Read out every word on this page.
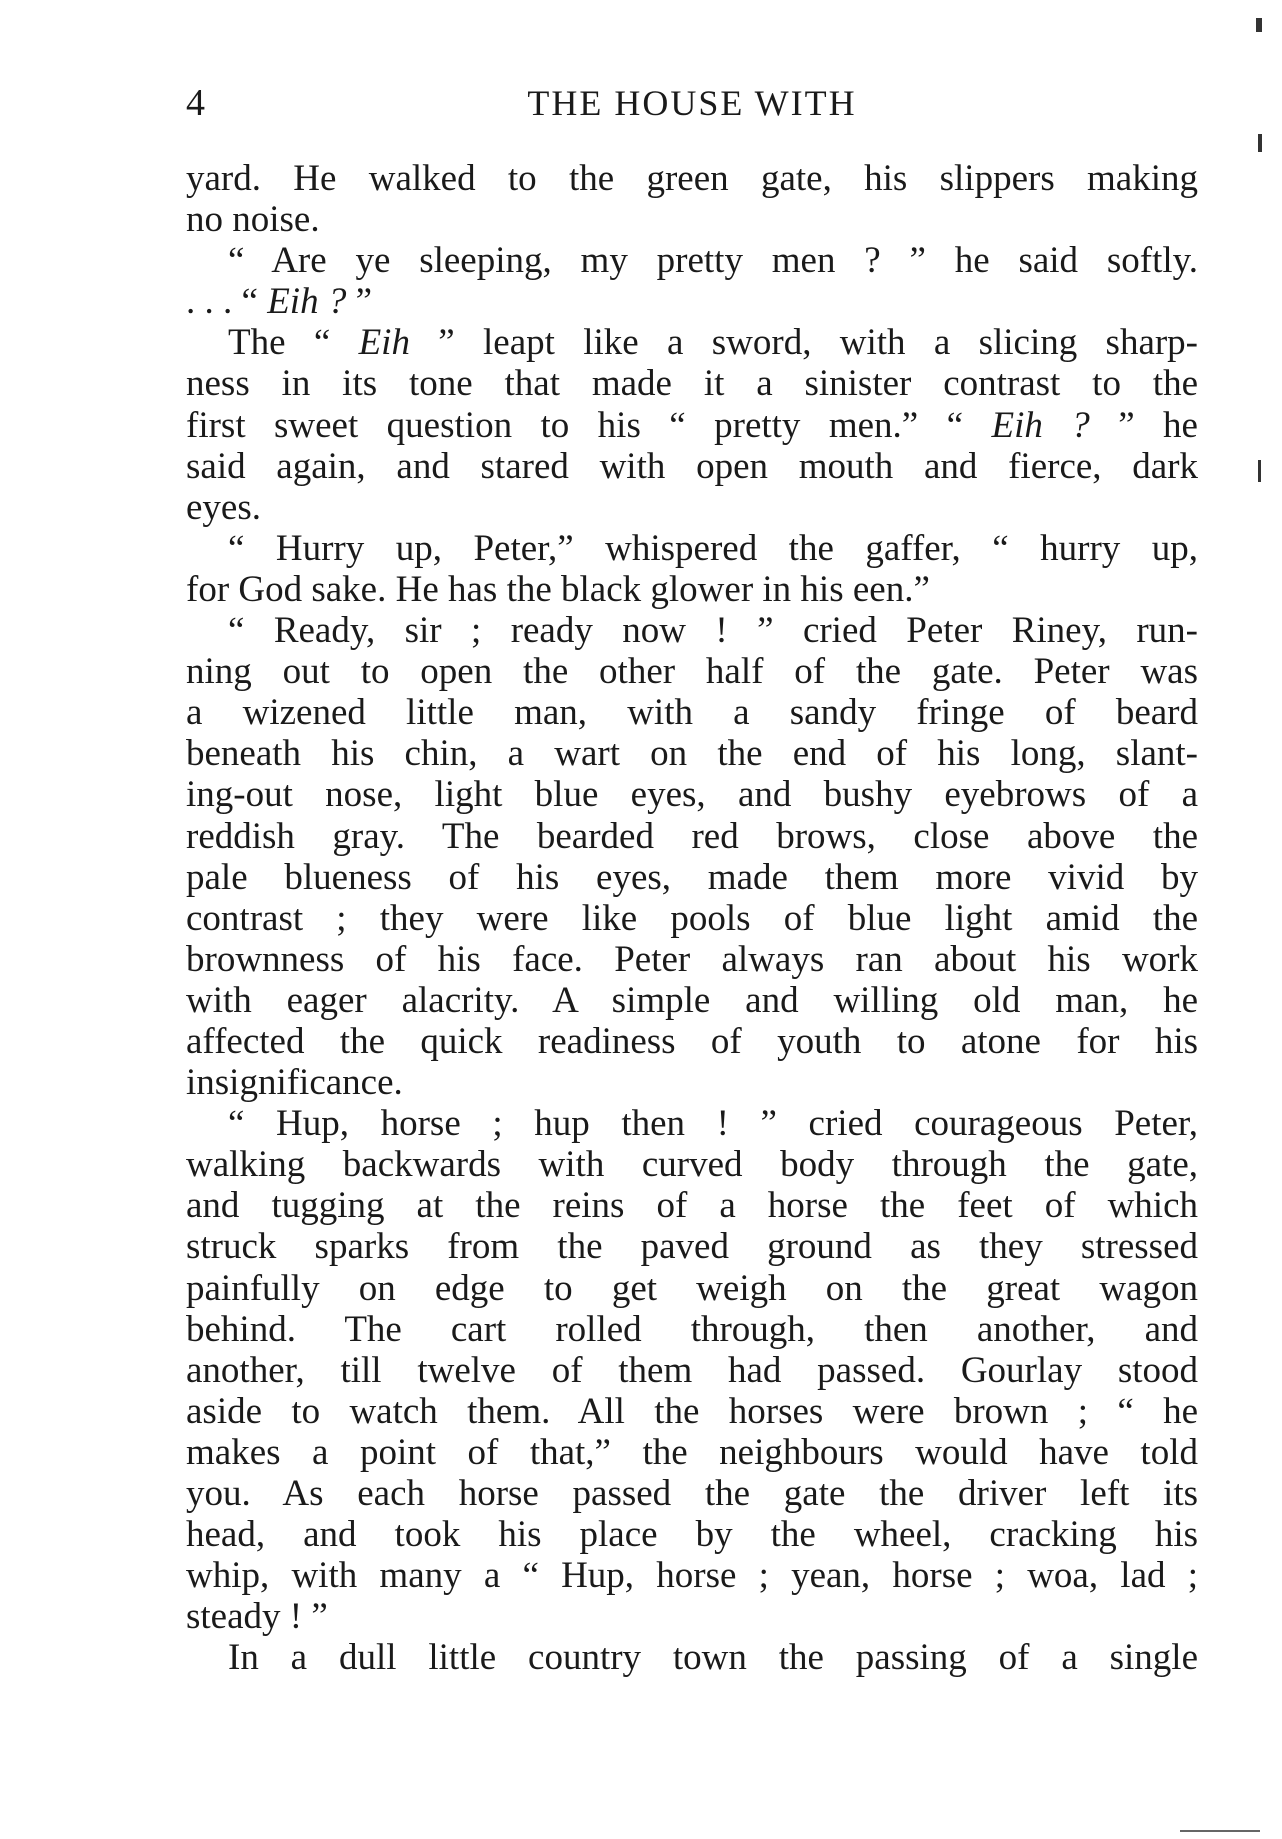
4	THE HOUSE WITH
yard. He walked to the green gate, his slippers making
no noise.
“ Are ye sleeping, my pretty men ? ” he said softly.
. . . “ Eih ? ”
The “ Eih ” leapt like a sword, with a slicing sharp-
ness in its tone that made it a sinister contrast to the
first sweet question to his “ pretty men.” “ Eih ? ” he
said again, and stared with open mouth and fierce, dark
eyes.
“ Hurry up, Peter,” whispered the gaffer, “ hurry up,
for God sake. He has the black glower in his een.”
“ Ready, sir ; ready now ! ” cried Peter Riney, run-
ning out to open the other half of the gate. Peter was
a wizened little man, with a sandy fringe of beard
beneath his chin, a wart on the end of his long, slant-
ing-out nose, light blue eyes, and bushy eyebrows of a
reddish gray. The bearded red brows, close above the
pale blueness of his eyes, made them more vivid by
contrast ; they were like pools of blue light amid the
brownness of his face. Peter always ran about his work
with eager alacrity. A simple and willing old man, he
affected the quick readiness of youth to atone for his
insignificance.
“ Hup, horse ; hup then ! ” cried courageous Peter,
walking backwards with curved body through the gate,
and tugging at the reins of a horse the feet of which
struck sparks from the paved ground as they stressed
painfully on edge to get weigh on the great wagon
behind. The cart rolled through, then another, and
another, till twelve of them had passed. Gourlay stood
aside to watch them. All the horses were brown ; “ he
makes a point of that,” the neighbours would have told
you. As each horse passed the gate the driver left its
head, and took his place by the wheel, cracking his
whip, with many a “ Hup, horse ; yean, horse ; woa, lad ;
steady ! ”
In a dull little country town the passing of a single
